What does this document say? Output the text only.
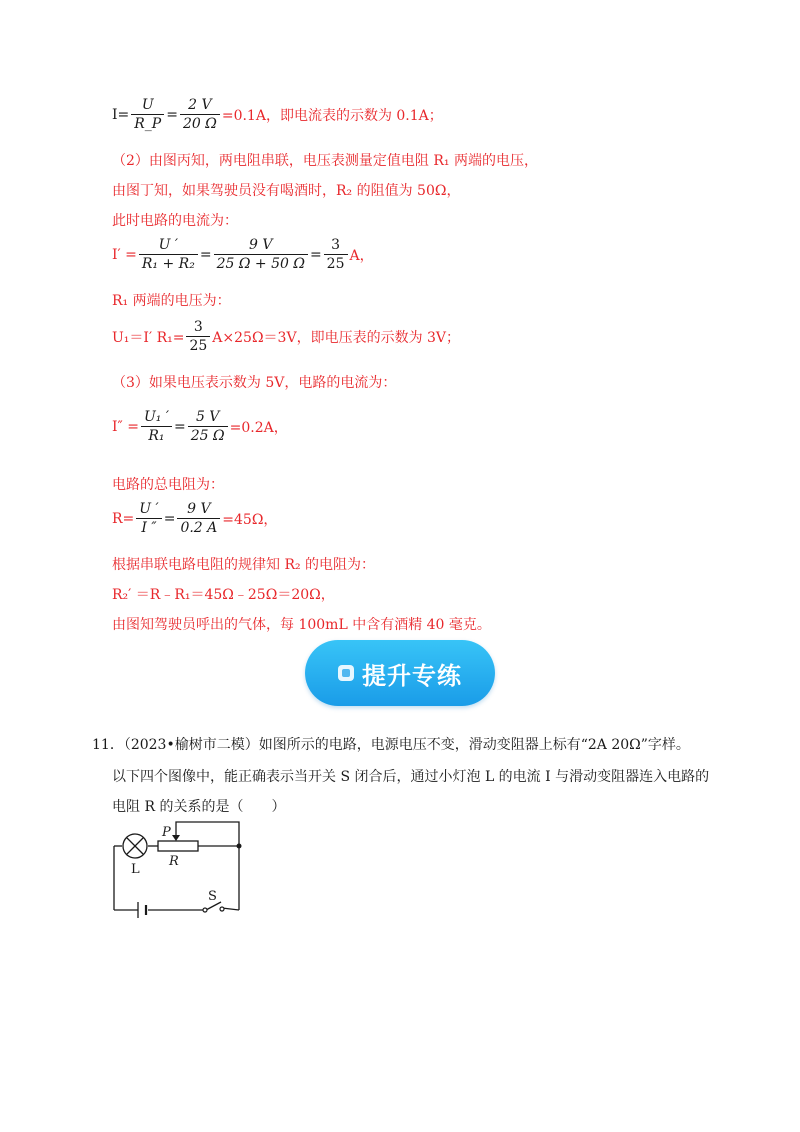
$I= \frac{U}{R\_P} = \frac{2 V}{20 \Omega} =0.1A$，即电流表的示数为 0.1A；
（2）由图丙知，两电阻串联，电压表测量定值电阻 R₁ 两端的电压，
由图丁知，如果驾驶员没有喝酒时，R₂ 的阻值为 50Ω，
此时电路的电流为：
$I' = \frac{U '}{\text{R₁ + R₂}} = \frac{9 V}{25 \Omega + 50 \Omega} = \frac{3}{25}$ A，
R₁ 两端的电压为：
U₁＝I′ $R_1= \frac{3}{25} A\times 25\Omega=3V$，即电压表的示数为 3V；
（3）如果电压表示数为 5V，电路的电流为：
$I'' = \frac{\text{U₁ ′}}{\text{R₁}} = \frac{5 V}{25 \Omega} =0.2A$，
电路的总电阻为：
$R= \frac{U '}{I ''} = \frac{9 V}{0.2 A} =45\Omega$，
根据串联电路电阻的规律知 R₂ 的电阻为：
R₂′ ＝R﹣R₁＝45Ω﹣25Ω＝20Ω，
由图知驾驶员呼出的气体，每 100mL 中含有酒精 40 毫克。
提升专练
11．（2023•榆树市二模）如图所示的电路，电源电压不变，滑动变阻器上标有“2A 20Ω”字样。
以下四个图像中，能正确表示当开关 S 闭合后，通过小灯泡 L 的电流 I 与滑动变阻器连入电路的
电阻 R 的关系的是（　　）
P
R
L
S
